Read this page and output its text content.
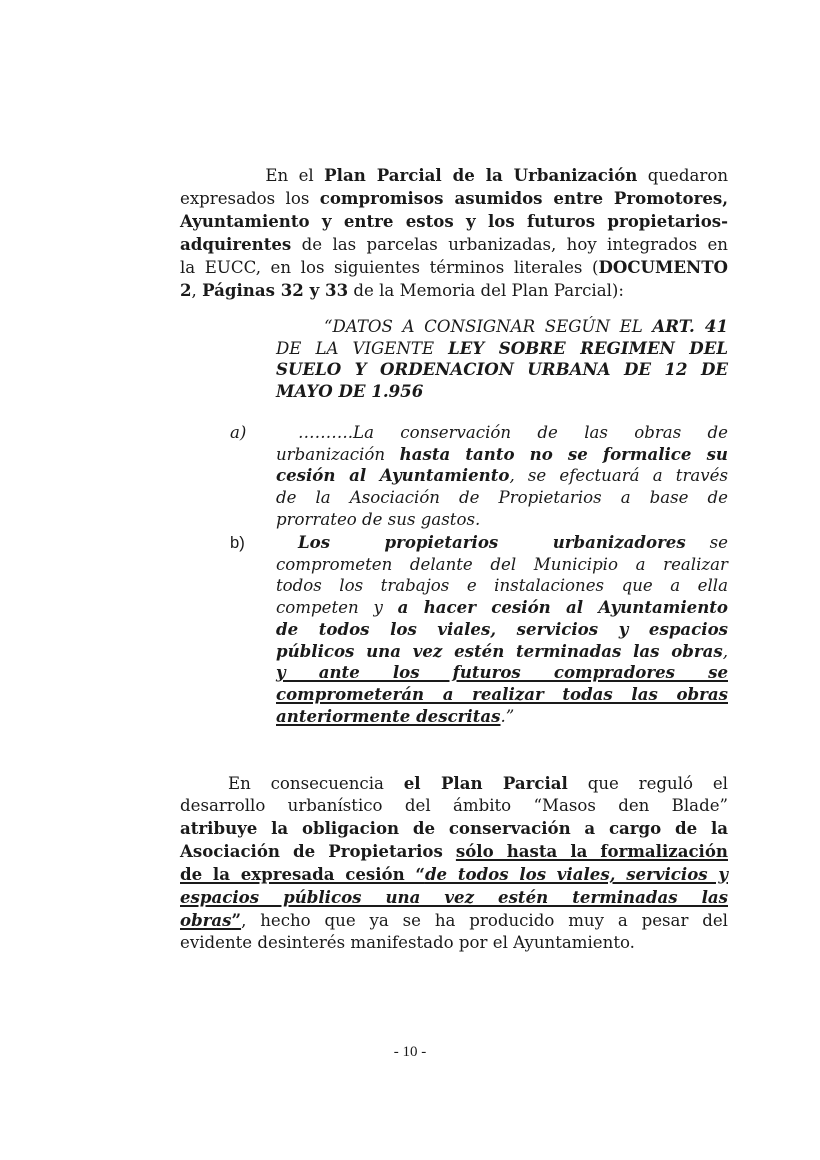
En el Plan Parcial de la Urbanización quedaron
expresados los compromisos asumidos entre Promotores,
Ayuntamiento y entre estos y los futuros propietarios-
adquirentes de las parcelas urbanizadas, hoy integrados en
la EUCC, en los siguientes términos literales (DOCUMENTO
2, Páginas 32 y 33 de la Memoria del Plan Parcial):
“DATOS A CONSIGNAR SEGÚN EL ART. 41
DE LA VIGENTE LEY SOBRE REGIMEN DEL
SUELO Y ORDENACION URBANA DE 12 DE
MAYO DE 1.956
a)	……….La conservación de las obras de
urbanización hasta tanto no se formalice su
cesión al Ayuntamiento, se efectuará a través
de la Asociación de Propietarios a base de
prorrateo de sus gastos.
b)	Los propietarios urbanizadores se
comprometen delante del Municipio a realizar
todos los trabajos e instalaciones que a ella
competen y a hacer cesión al Ayuntamiento
de todos los viales, servicios y espacios
públicos una vez estén terminadas las obras,
y ante los futuros compradores se
comprometerán a realizar todas las obras
anteriormente descritas.”
En consecuencia el Plan Parcial que reguló el
desarrollo urbanístico del ámbito “Masos den Blade”
atribuye la obligacion de conservación a cargo de la
Asociación de Propietarios sólo hasta la formalización
de la expresada cesión “de todos los viales, servicios y
espacios públicos una vez estén terminadas las
obras”, hecho que ya se ha producido muy a pesar del
evidente desinterés manifestado por el Ayuntamiento.
- 10 -
